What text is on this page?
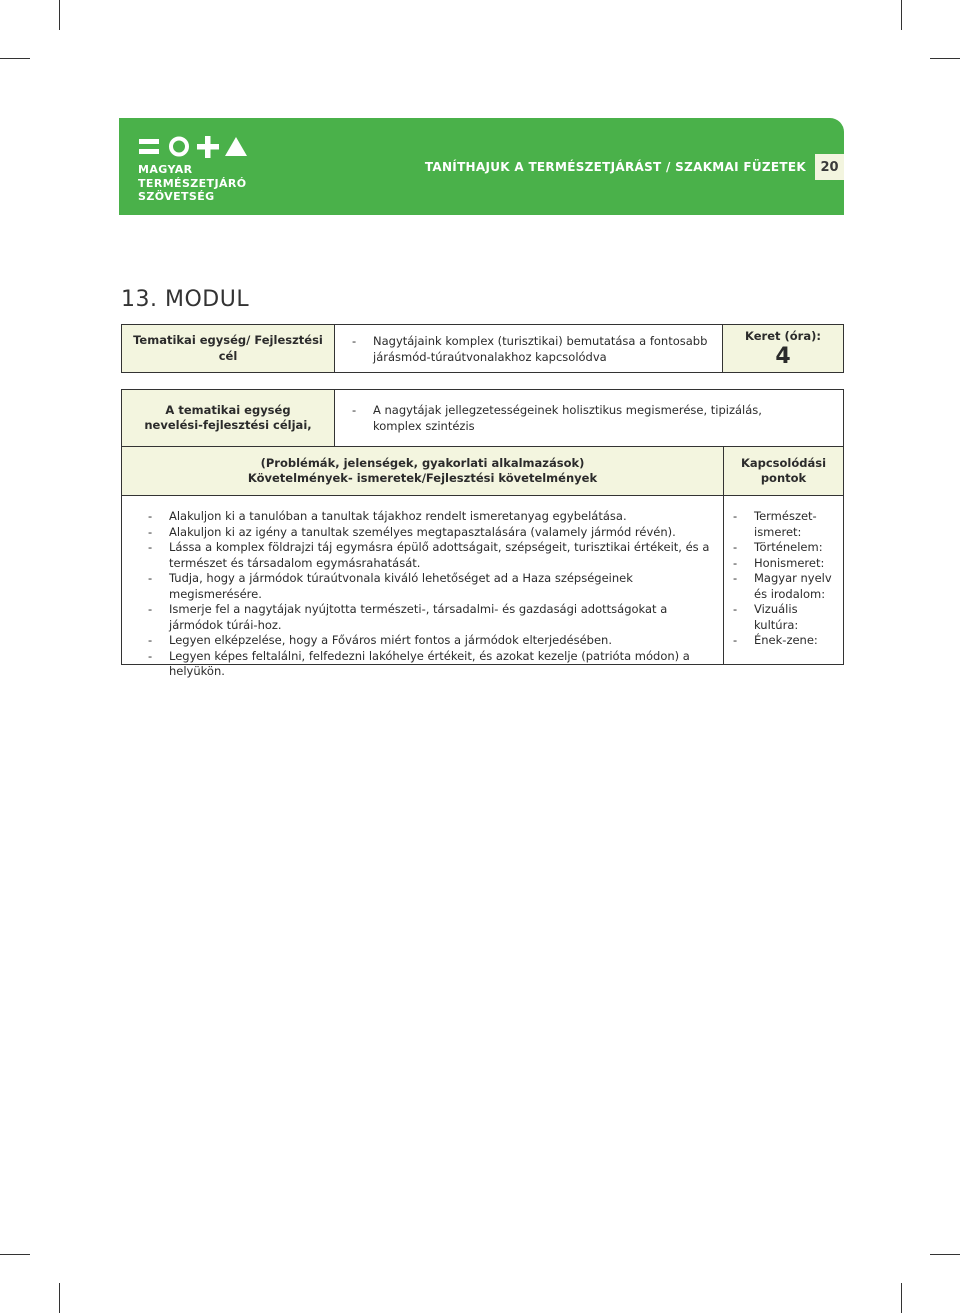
MAGYAR
TERMÉSZETJÁRÓ
SZÖVETSÉG
TANÍTHAJUK A TERMÉSZETJÁRÁST / SZAKMAI FÜZETEK	20
13. MODUL
Tematikai egység/ Fejlesztési cél
- Nagytájaink komplex (turisztikai) bemutatása a fontosabb járásmód-túraútvonalakhoz kapcsolódva
Keret (óra):
4
A tematikai egység
nevelési-fejlesztési céljai,
- A nagytájak jellegzetességeinek holisztikus megismerése, tipizálás, komplex szintézis
(Problémák, jelenségek, gyakorlati alkalmazások)
Követelmények- ismeretek/Fejlesztési követelmények
Kapcsolódási
pontok
- Alakuljon ki a tanulóban a tanultak tájakhoz rendelt ismeretanyag egybelátása.
- Alakuljon ki az igény a tanultak személyes megtapasztalására (valamely jármód révén).
- Lássa a komplex földrajzi táj egymásra épülő adottságait, szépségeit, turisztikai értékeit, és a természet és társadalom egymásrahatását.
- Tudja, hogy a jármódok túraútvonala kiváló lehetőséget ad a Haza szépségeinek megismerésére.
- Ismerje fel a nagytájak nyújtotta természeti-, társadalmi- és gazdasági adottságokat a jármódok túrái-hoz.
- Legyen elképzelése, hogy a Főváros miért fontos a jármódok elterjedésében.
- Legyen képes feltalálni, felfedezni lakóhelye értékeit, és azokat kezelje (patrióta módon) a helyükön.
- Természet-ismeret:
- Történelem:
- Honismeret:
- Magyar nyelv és irodalom:
- Vizuális kultúra:
- Ének-zene:
